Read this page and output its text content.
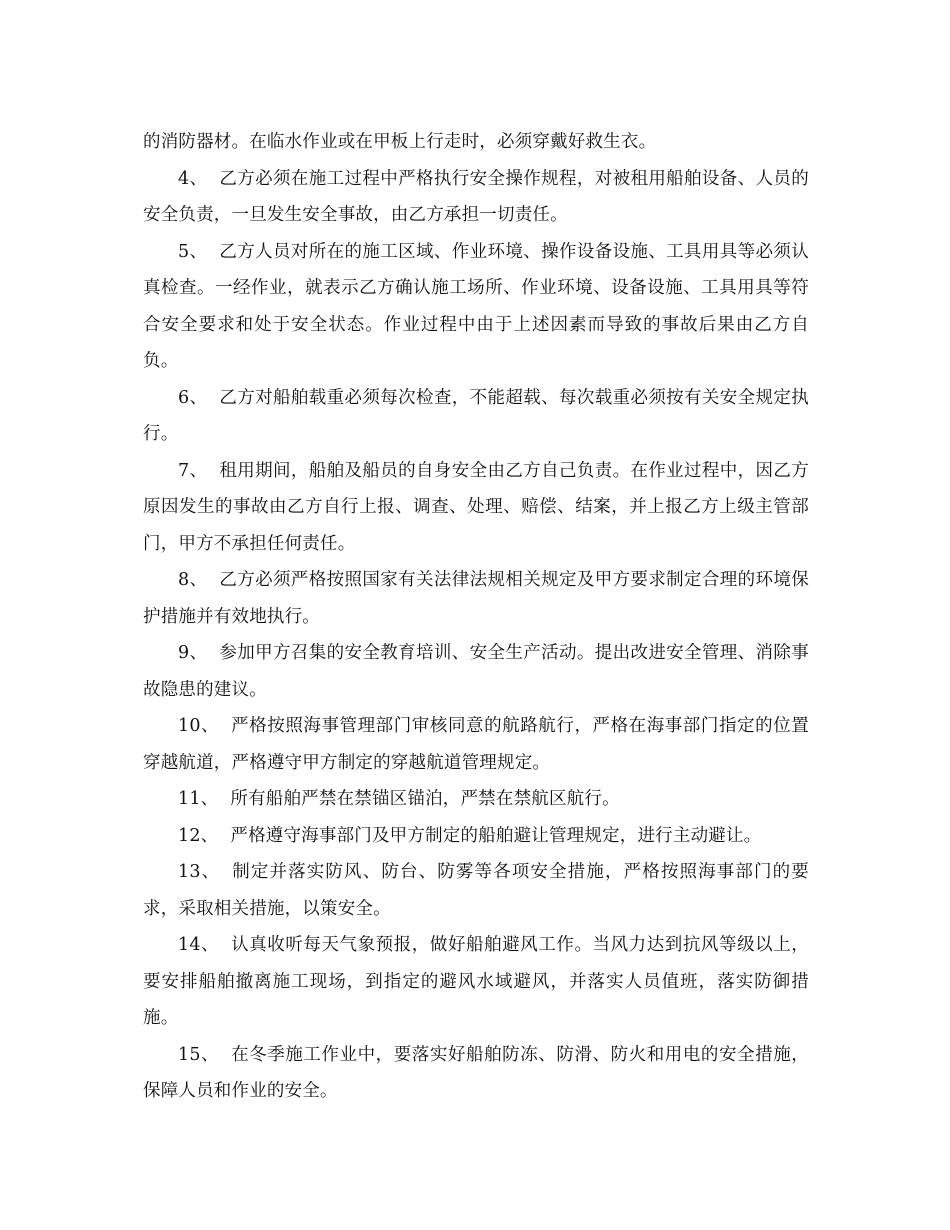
的消防器材。在临水作业或在甲板上行走时，必须穿戴好救生衣。

4、 乙方必须在施工过程中严格执行安全操作规程，对被租用船舶设备、人员的安全负责，一旦发生安全事故，由乙方承担一切责任。

5、 乙方人员对所在的施工区域、作业环境、操作设备设施、工具用具等必须认真检查。一经作业，就表示乙方确认施工场所、作业环境、设备设施、工具用具等符合安全要求和处于安全状态。作业过程中由于上述因素而导致的事故后果由乙方自负。

6、 乙方对船舶载重必须每次检查，不能超载、每次载重必须按有关安全规定执行。

7、 租用期间，船舶及船员的自身安全由乙方自己负责。在作业过程中，因乙方原因发生的事故由乙方自行上报、调查、处理、赔偿、结案，并上报乙方上级主管部门，甲方不承担任何责任。

8、 乙方必须严格按照国家有关法律法规相关规定及甲方要求制定合理的环境保护措施并有效地执行。

9、 参加甲方召集的安全教育培训、安全生产活动。提出改进安全管理、消除事故隐患的建议。

10、 严格按照海事管理部门审核同意的航路航行，严格在海事部门指定的位置穿越航道，严格遵守甲方制定的穿越航道管理规定。

11、 所有船舶严禁在禁锚区锚泊，严禁在禁航区航行。

12、 严格遵守海事部门及甲方制定的船舶避让管理规定，进行主动避让。

13、 制定并落实防风、防台、防雾等各项安全措施，严格按照海事部门的要求，采取相关措施，以策安全。

14、 认真收听每天气象预报，做好船舶避风工作。当风力达到抗风等级以上，要安排船舶撤离施工现场，到指定的避风水域避风，并落实人员值班，落实防御措施。

15、 在冬季施工作业中，要落实好船舶防冻、防滑、防火和用电的安全措施，保障人员和作业的安全。
